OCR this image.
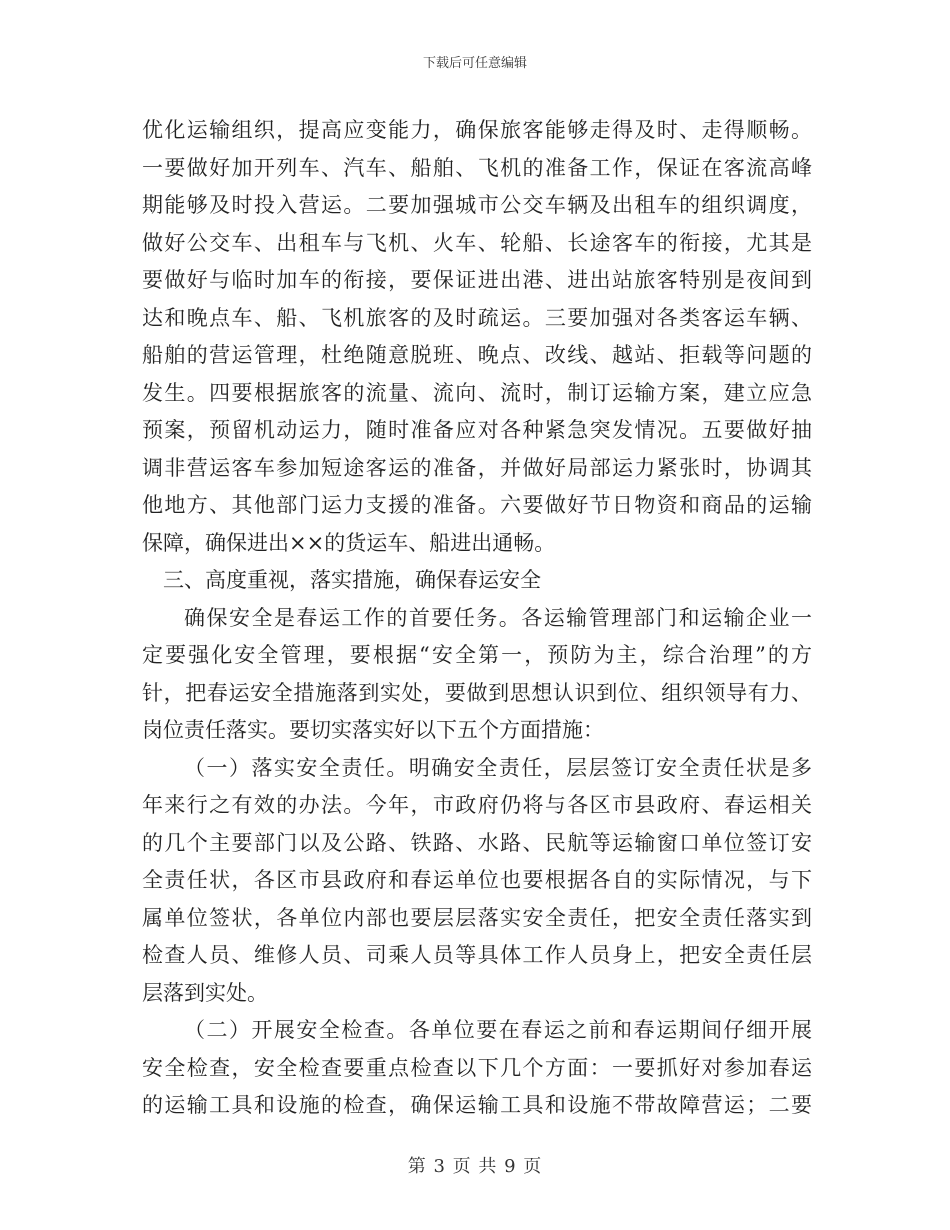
下载后可任意编辑
优化运输组织，提高应变能力，确保旅客能够走得及时、走得顺畅。
一要做好加开列车、汽车、船舶、飞机的准备工作，保证在客流高峰
期能够及时投入营运。二要加强城市公交车辆及出租车的组织调度，
做好公交车、出租车与飞机、火车、轮船、长途客车的衔接，尤其是
要做好与临时加车的衔接，要保证进出港、进出站旅客特别是夜间到
达和晚点车、船、飞机旅客的及时疏运。三要加强对各类客运车辆、
船舶的营运管理，杜绝随意脱班、晚点、改线、越站、拒载等问题的
发生。四要根据旅客的流量、流向、流时，制订运输方案，建立应急
预案，预留机动运力，随时准备应对各种紧急突发情况。五要做好抽
调非营运客车参加短途客运的准备，并做好局部运力紧张时，协调其
他地方、其他部门运力支援的准备。六要做好节日物资和商品的运输
保障，确保进出××的货运车、船进出通畅。
三、高度重视，落实措施，确保春运安全
确保安全是春运工作的首要任务。各运输管理部门和运输企业一
定要强化安全管理，要根据“安全第一，预防为主，综合治理”的方
针，把春运安全措施落到实处，要做到思想认识到位、组织领导有力、
岗位责任落实。要切实落实好以下五个方面措施：
（一）落实安全责任。明确安全责任，层层签订安全责任状是多
年来行之有效的办法。今年，市政府仍将与各区市县政府、春运相关
的几个主要部门以及公路、铁路、水路、民航等运输窗口单位签订安
全责任状，各区市县政府和春运单位也要根据各自的实际情况，与下
属单位签状，各单位内部也要层层落实安全责任，把安全责任落实到
检查人员、维修人员、司乘人员等具体工作人员身上，把安全责任层
层落到实处。
（二）开展安全检查。各单位要在春运之前和春运期间仔细开展
安全检查，安全检查要重点检查以下几个方面：一要抓好对参加春运
的运输工具和设施的检查，确保运输工具和设施不带故障营运；二要
第 3 页 共 9 页
